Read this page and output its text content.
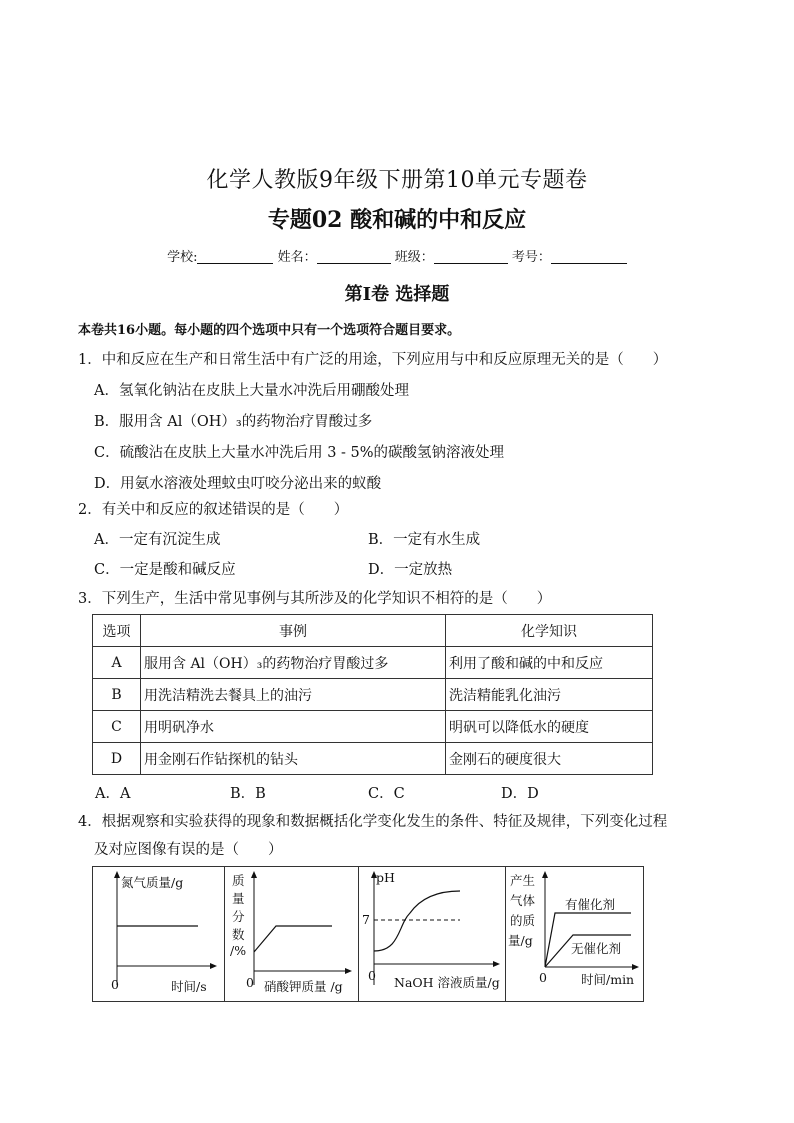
化学人教版9年级下册第10单元专题卷
专题02 酸和碱的中和反应
学校:	姓名：	班级：	考号：
第Ⅰ卷 选择题
本卷共16小题。每小题的四个选项中只有一个选项符合题目要求。
1．中和反应在生产和日常生活中有广泛的用途，下列应用与中和反应原理无关的是（　　）
A．氢氧化钠沾在皮肤上大量水冲洗后用硼酸处理
B．服用含 Al（OH）₃的药物治疗胃酸过多
C．硫酸沾在皮肤上大量水冲洗后用 3 - 5%的碳酸氢钠溶液处理
D．用氨水溶液处理蚊虫叮咬分泌出来的蚁酸
2．有关中和反应的叙述错误的是（　　）
A．一定有沉淀生成	B．一定有水生成
C．一定是酸和碱反应	D．一定放热
3．下列生产，生活中常见事例与其所涉及的化学知识不相符的是（　　）
选项	事例	化学知识
A	服用含 Al（OH）₃的药物治疗胃酸过多	利用了酸和碱的中和反应
B	用洗洁精洗去餐具上的油污	洗洁精能乳化油污
C	用明矾净水	明矾可以降低水的硬度
D	用金刚石作钻探机的钻头	金刚石的硬度很大
A．A	B．B	C．C	D．D
4．根据观察和实验获得的现象和数据概括化学变化发生的条件、特征及规律，下列变化过程
及对应图像有误的是（　　）
氮气质量/g
0	时间/s
质
量
分
数
/%
0 硝酸钾质量 /g
pH
7
0 NaOH 溶液质量/g
产生
气体
的质
量/g
有催化剂
无催化剂
0	时间/min
